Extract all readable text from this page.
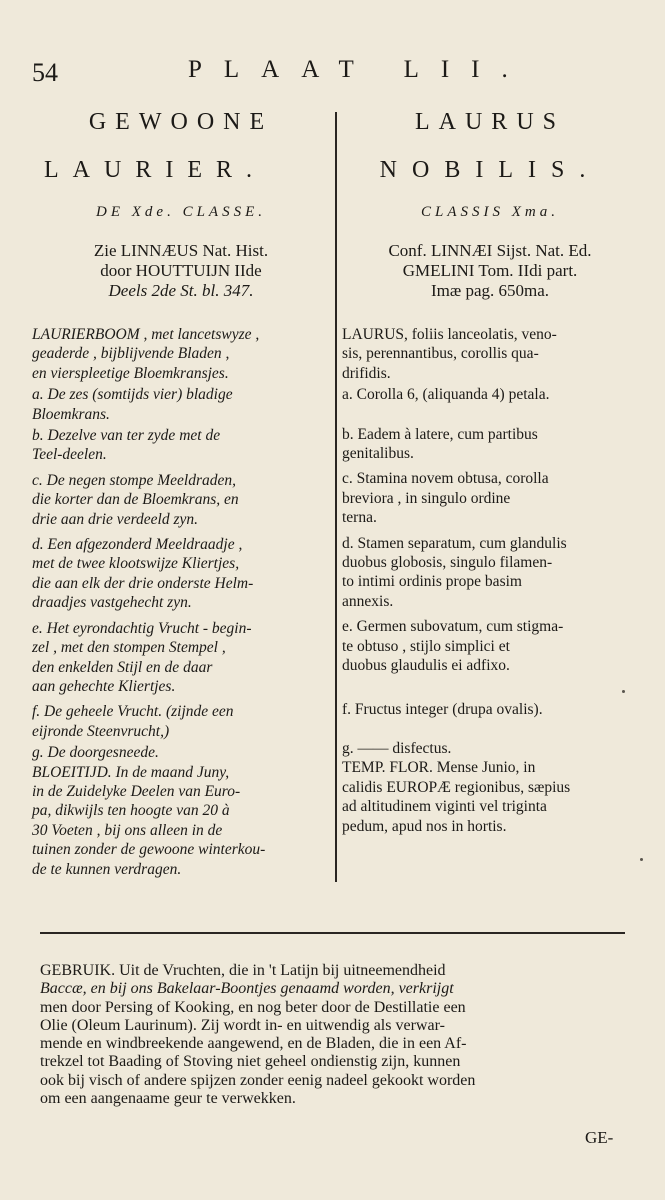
54	PLAAT LII.
GEWOONE
LAURIER.
DE Xde. CLASSE.
LAURUS
NOBILIS.
CLASSIS Xma.
Zie LINNÆUS Nat. Hist.
door HOUTTUIJN IIde
Deels 2de St. bl. 347.
Conf. LINNÆI Sijst. Nat. Ed.
GMELINI Tom. IIdi part.
Imæ pag. 650ma.
LAURIERBOOM , met lancetswyze ,
geaderde , bijblijvende Bladen ,
en vierspleetige Bloemkransjes.
a. De zes (somtijds vier) bladige
Bloemkrans.
b. Dezelve van ter zyde met de
Teel-deelen.
c. De negen stompe Meeldraden,
die korter dan de Bloemkrans, en
drie aan drie verdeeld zyn.
d. Een afgezonderd Meeldraadje ,
met de twee klootswijze Kliertjes,
die aan elk der drie onderste Helm-
draadjes vastgehecht zyn.
e. Het eyrondachtig Vrucht - begin-
zel , met den stompen Stempel ,
den enkelden Stijl en de daar
aan gehechte Kliertjes.
f. De geheele Vrucht. (zijnde een
eijronde Steenvrucht,)
g. De doorgesneede.
BLOEITIJD. In de maand Juny,
in de Zuidelyke Deelen van Euro-
pa, dikwijls ten hoogte van 20 à
30 Voeten , bij ons alleen in de
tuinen zonder de gewoone winterkou-
de te kunnen verdragen.
LAURUS, foliis lanceolatis, veno-
sis, perennantibus, corollis qua-
drifidis.
a. Corolla 6, (aliquanda 4) petala.
b. Eadem à latere, cum partibus
genitalibus.
c. Stamina novem obtusa, corolla
breviora , in singulo ordine
terna.
d. Stamen separatum, cum glandulis
duobus globosis, singulo filamen-
to intimi ordinis prope basim
annexis.
e. Germen subovatum, cum stigma-
te obtuso , stijlo simplici et
duobus glaudulis ei adfixo.
f. Fructus integer (drupa ovalis).
g. —— disfectus.
TEMP. FLOR. Mense Junio, in
calidis EUROPÆ regionibus, sæpius
ad altitudinem viginti vel triginta
pedum, apud nos in hortis.
GEBRUIK. Uit de Vruchten, die in 't Latijn bij uitneemendheid
Baccæ, en bij ons Bakelaar-Boontjes genaamd worden, verkrijgt
men door Persing of Kooking, en nog beter door de Destillatie een
Olie (Oleum Laurinum). Zij wordt in- en uitwendig als verwar-
mende en windbreekende aangewend, en de Bladen, die in een Af-
trekzel tot Baading of Stoving niet geheel ondienstig zijn, kunnen
ook bij visch of andere spijzen zonder eenig nadeel gekookt worden
om een aangenaame geur te verwekken.
GE-
